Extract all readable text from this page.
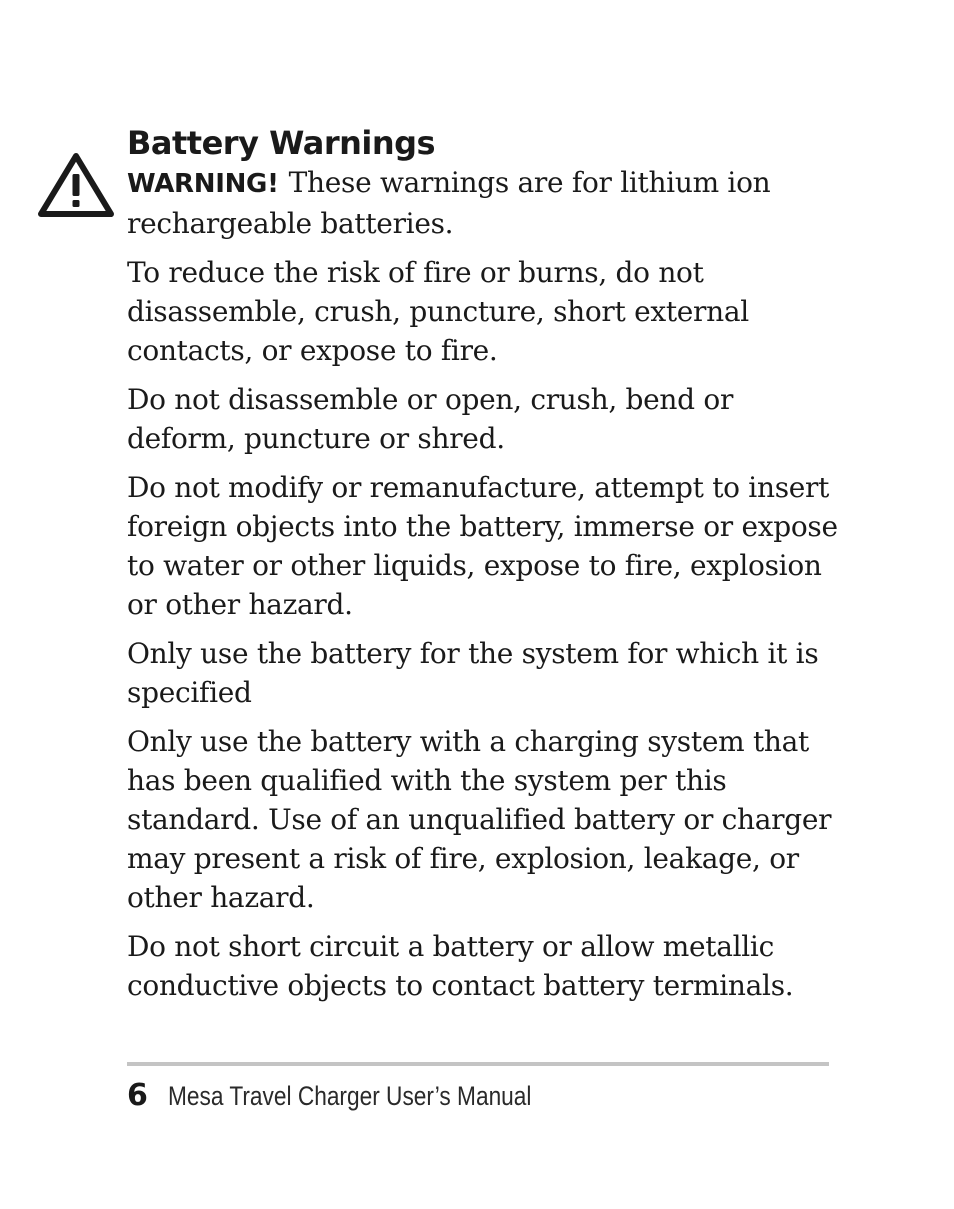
Battery Warnings

WARNING! These warnings are for lithium ion rechargeable batteries.

To reduce the risk of fire or burns, do not disassemble, crush, puncture, short external contacts, or expose to fire.

Do not disassemble or open, crush, bend or deform, puncture or shred.

Do not modify or remanufacture, attempt to insert foreign objects into the battery, immerse or expose to water or other liquids, expose to fire, explosion or other hazard.

Only use the battery for the system for which it is specified

Only use the battery with a charging system that has been qualified with the system per this standard. Use of an unqualified battery or charger may present a risk of fire, explosion, leakage, or other hazard.

Do not short circuit a battery or allow metallic conductive objects to contact battery terminals.

6 Mesa Travel Charger User’s Manual
